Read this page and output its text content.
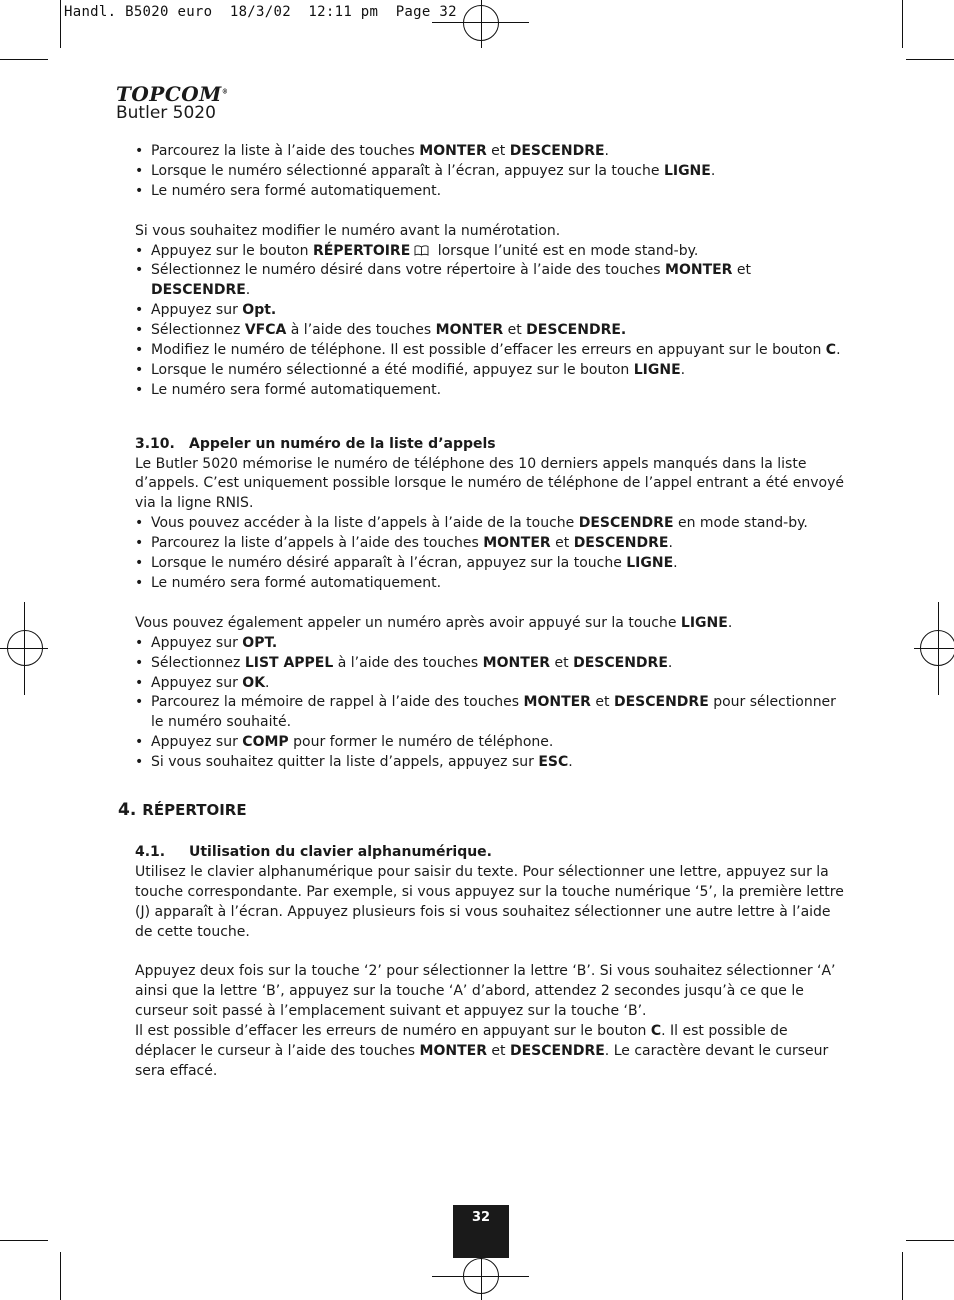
Handl. B5020 euro  18/3/02  12:11 pm  Page 32
TOPCOM®
Butler 5020
• Parcourez la liste à l’aide des touches MONTER et DESCENDRE.
• Lorsque le numéro sélectionné apparaît à l’écran, appuyez sur la touche LIGNE.
• Le numéro sera formé automatiquement.

Si vous souhaitez modifier le numéro avant la numérotation.

• Appuyez sur le bouton RÉPERTOIRE lorsque l’unité est en mode stand-by.
• Sélectionnez le numéro désiré dans votre répertoire à l’aide des touches MONTER et DESCENDRE.
• Appuyez sur Opt.
• Sélectionnez VFCA à l’aide des touches MONTER et DESCENDRE.
• Modifiez le numéro de téléphone. Il est possible d’effacer les erreurs en appuyant sur le bouton C.
• Lorsque le numéro sélectionné a été modifié, appuyez sur le bouton LIGNE.
• Le numéro sera formé automatiquement.

3.10. Appeler un numéro de la liste d’appels

Le Butler 5020 mémorise le numéro de téléphone des 10 derniers appels manqués dans la liste d’appels. C’est uniquement possible lorsque le numéro de téléphone de l’appel entrant a été envoyé via la ligne RNIS.

• Vous pouvez accéder à la liste d’appels à l’aide de la touche DESCENDRE en mode stand-by.
• Parcourez la liste d’appels à l’aide des touches MONTER et DESCENDRE.
• Lorsque le numéro désiré apparaît à l’écran, appuyez sur la touche LIGNE.
• Le numéro sera formé automatiquement.

Vous pouvez également appeler un numéro après avoir appuyé sur la touche LIGNE.

• Appuyez sur OPT.
• Sélectionnez LIST APPEL à l’aide des touches MONTER et DESCENDRE.
• Appuyez sur OK.
• Parcourez la mémoire de rappel à l’aide des touches MONTER et DESCENDRE pour sélectionner le numéro souhaité.
• Appuyez sur COMP pour former le numéro de téléphone.
• Si vous souhaitez quitter la liste d’appels, appuyez sur ESC.

4. RÉPERTOIRE

4.1. Utilisation du clavier alphanumérique.

Utilisez le clavier alphanumérique pour saisir du texte. Pour sélectionner une lettre, appuyez sur la touche correspondante. Par exemple, si vous appuyez sur la touche numérique ‘5’, la première lettre (J) apparaît à l’écran. Appuyez plusieurs fois si vous souhaitez sélectionner une autre lettre à l’aide de cette touche.

Appuyez deux fois sur la touche ‘2’ pour sélectionner la lettre ‘B’. Si vous souhaitez sélectionner ‘A’ ainsi que la lettre ‘B’, appuyez sur la touche ‘A’ d’abord, attendez 2 secondes jusqu’à ce que le curseur soit passé à l’emplacement suivant et appuyez sur la touche ‘B’.

Il est possible d’effacer les erreurs de numéro en appuyant sur le bouton C. Il est possible de déplacer le curseur à l’aide des touches MONTER et DESCENDRE. Le caractère devant le curseur sera effacé.

32
